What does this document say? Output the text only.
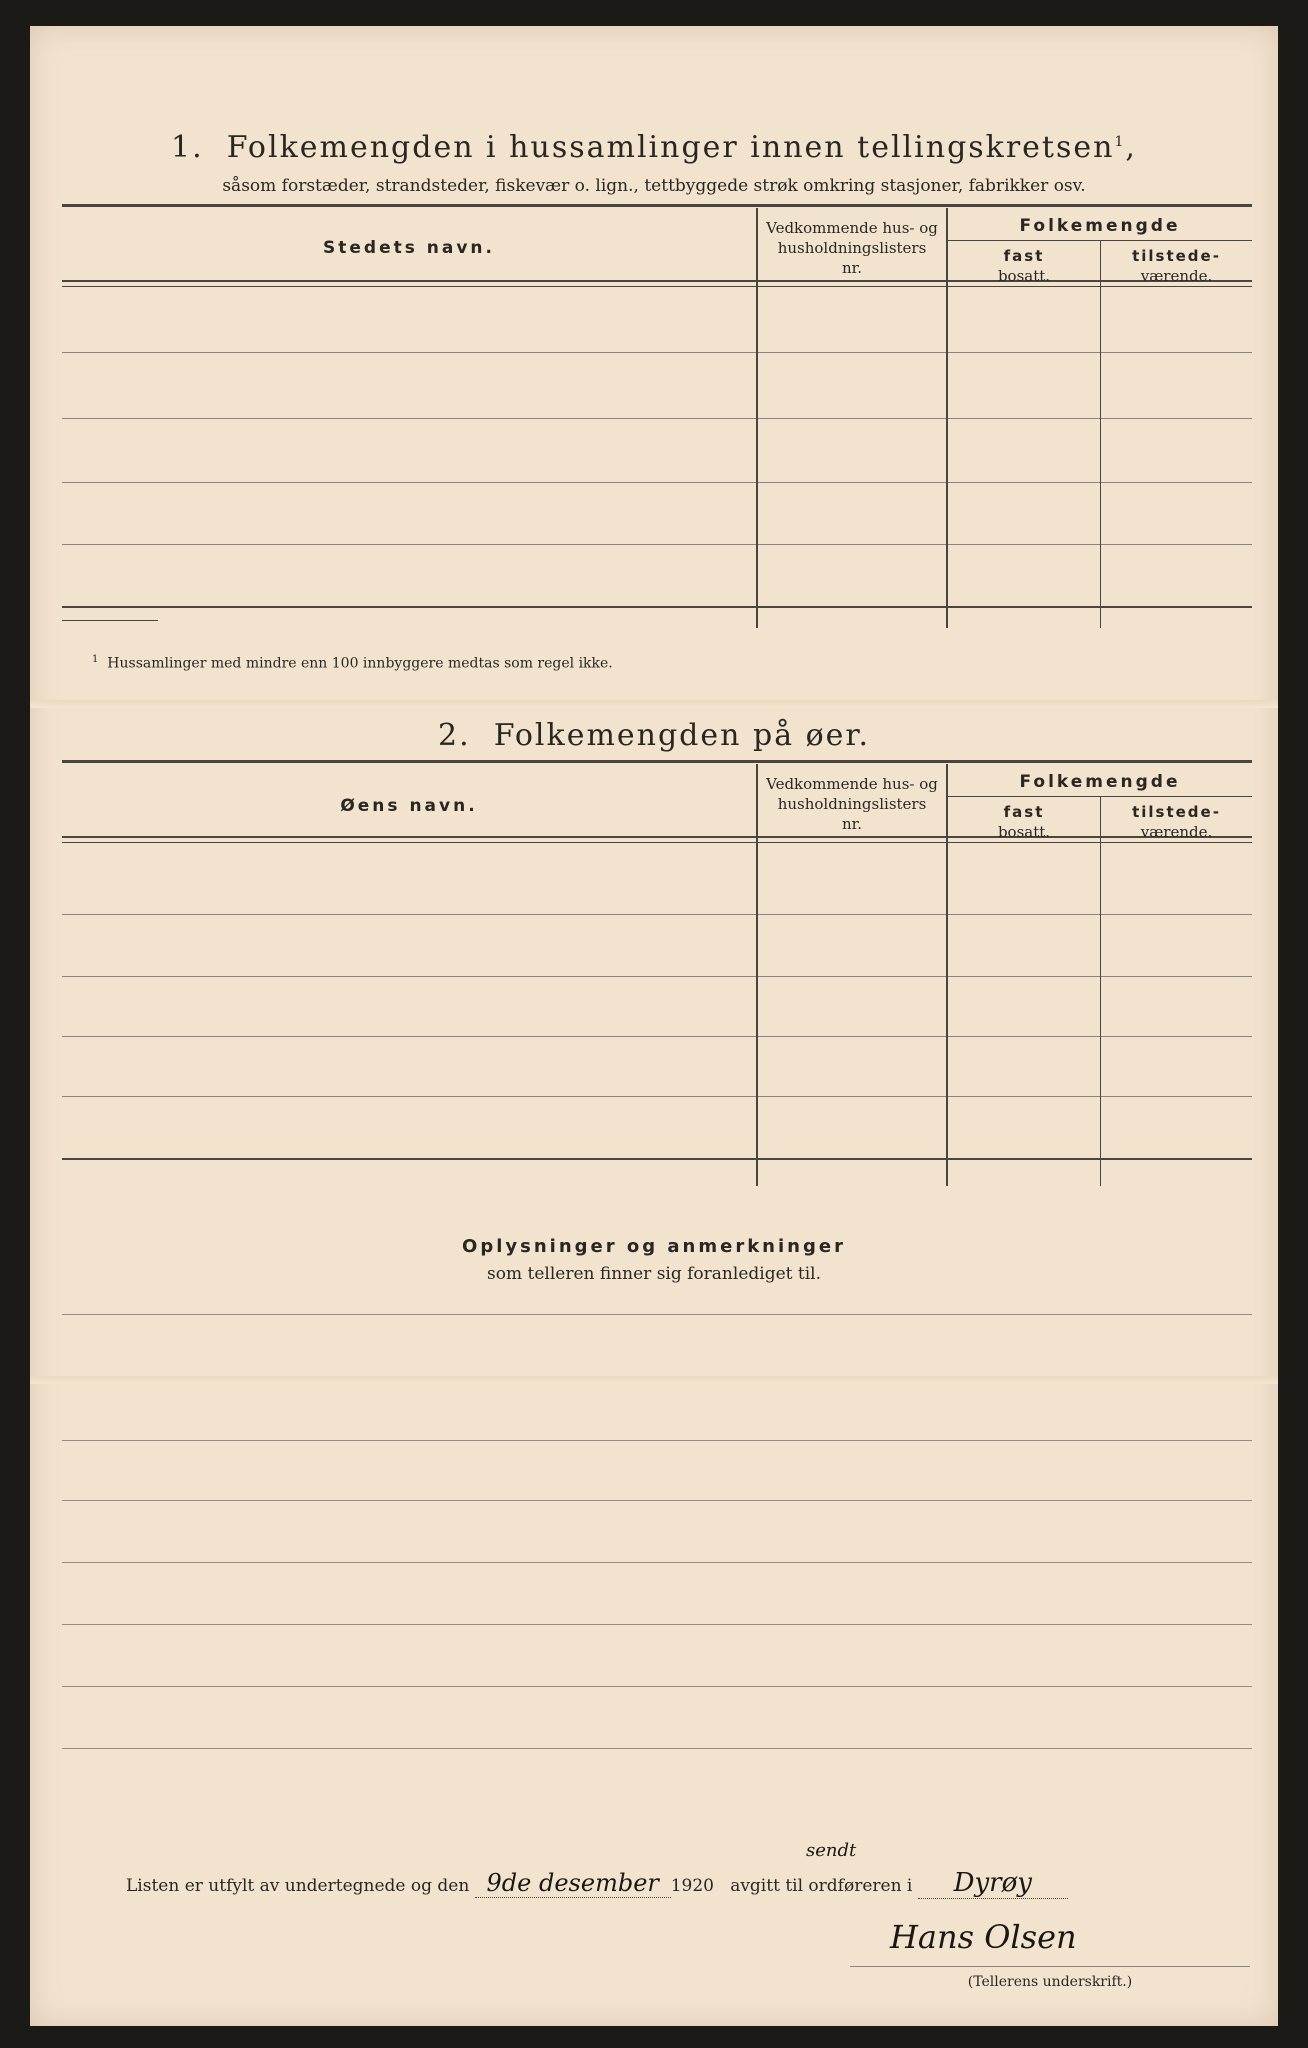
1. Folkemengden i hussamlinger innen tellingskretsen$^1$,
såsom forstæder, strandsteder, fiskevær o. lign., tettbyggede strøk omkring stasjoner, fabrikker osv.
Stedets navn.
Vedkommende hus- og
husholdningslisters
nr.
Folkemengde
fast
bosatt.
tilstede-
værende.
$^1$ Hussamlinger med mindre enn 100 innbyggere medtas som regel ikke.
2. Folkemengden på øer.
Øens navn.
Vedkommende hus- og
husholdningslisters
nr.
Folkemengde
fast
bosatt.
tilstede-
værende.
Oplysninger og anmerkninger
som telleren finner sig foranlediget til.
Listen er utfylt av undertegnede og den 9de desember 1920
sendt
avgitt til ordføreren i Dyrøy
Hans Olsen
(Tellerens underskrift.)
